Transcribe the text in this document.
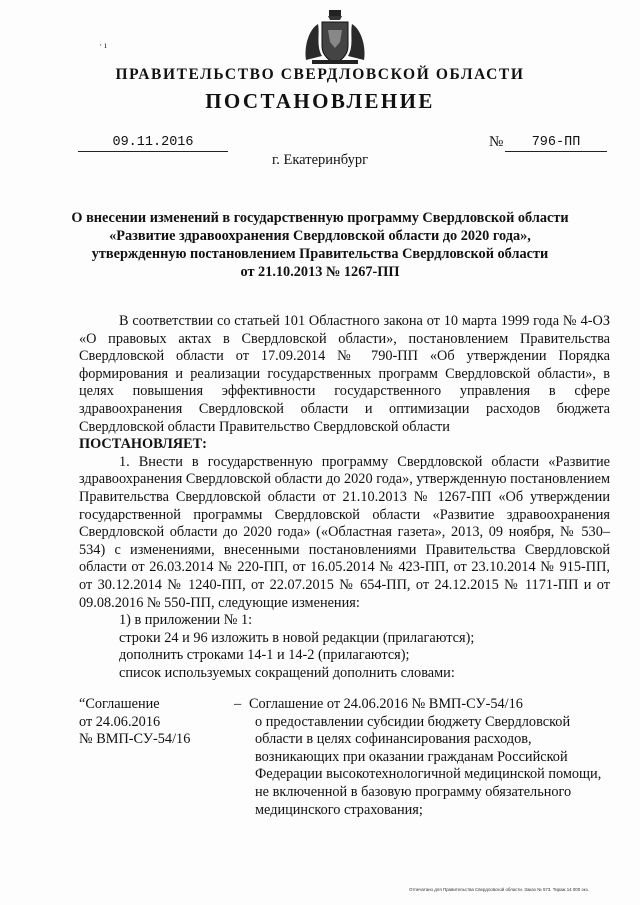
· ı
ПРАВИТЕЛЬСТВО СВЕРДЛОВСКОЙ ОБЛАСТИ
ПОСТАНОВЛЕНИЕ
09.11.2016	№	796-ПП
г. Екатеринбург
О внесении изменений в государственную программу Свердловской области
«Развитие здравоохранения Свердловской области до 2020 года»,
утвержденную постановлением Правительства Свердловской области
от 21.10.2013 № 1267-ПП

В соответствии со статьей 101 Областного закона от 10 марта 1999 года № 4-ОЗ «О правовых актах в Свердловской области», постановлением Правительства Свердловской области от 17.09.2014 № 790-ПП «Об утверждении Порядка формирования и реализации государственных программ Свердловской области», в целях повышения эффективности государственного управления в сфере здравоохранения Свердловской области и оптимизации расходов бюджета Свердловской области Правительство Свердловской области

ПОСТАНОВЛЯЕТ:

1. Внести в государственную программу Свердловской области «Развитие здравоохранения Свердловской области до 2020 года», утвержденную постановлением Правительства Свердловской области от 21.10.2013 № 1267-ПП «Об утверждении государственной программы Свердловской области «Развитие здравоохранения Свердловской области до 2020 года» («Областная газета», 2013, 09 ноября, № 530–534) с изменениями, внесенными постановлениями Правительства Свердловской области от 26.03.2014 № 220-ПП, от 16.05.2014 № 423-ПП, от 23.10.2014 № 915-ПП, от 30.12.2014 № 1240-ПП, от 22.07.2015 № 654-ПП, от 24.12.2015 № 1171-ПП и от 09.08.2016 № 550-ПП, следующие изменения:

1) в приложении № 1:

строки 24 и 96 изложить в новой редакции (прилагаются);

дополнить строками 14-1 и 14-2 (прилагаются);

список используемых сокращений дополнить словами:

“Соглашение
от 24.06.2016
№ ВМП-СУ-54/16
– Соглашение от 24.06.2016 № ВМП-СУ-54/16
о предоставлении субсидии бюджету Свердловской области в целях софинансирования расходов, возникающих при оказании гражданам Российской Федерации высокотехнологичной медицинской помощи, не включенной в базовую программу обязательного медицинского страхования;
Отпечатано для Правительства Свердловской области. Заказ № 573. Тираж 14 000 экз.
